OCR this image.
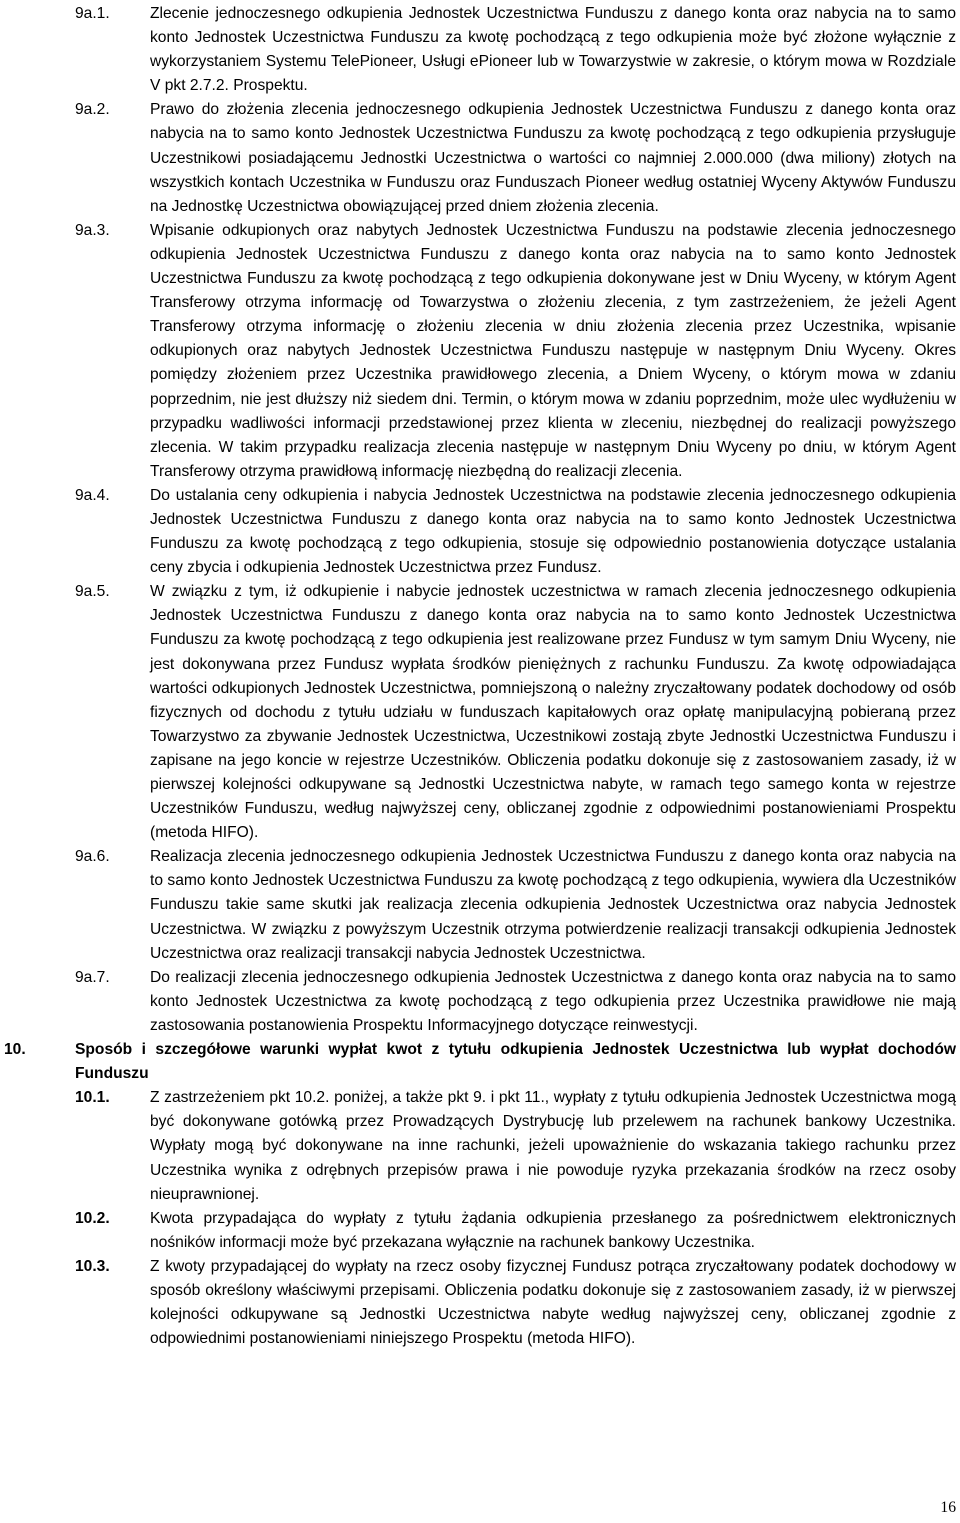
9a.1.	Zlecenie jednoczesnego odkupienia Jednostek Uczestnictwa Funduszu z danego konta oraz nabycia na to samo konto Jednostek Uczestnictwa Funduszu za kwotę pochodzącą z tego odkupienia może być złożone wyłącznie z wykorzystaniem Systemu TelePioneer, Usługi ePioneer lub w Towarzystwie w zakresie, o którym mowa w Rozdziale V pkt 2.7.2. Prospektu.
9a.2.	Prawo do złożenia zlecenia jednoczesnego odkupienia Jednostek Uczestnictwa Funduszu z danego konta oraz nabycia na to samo konto Jednostek Uczestnictwa Funduszu za kwotę pochodzącą z tego odkupienia przysługuje Uczestnikowi posiadającemu Jednostki Uczestnictwa o wartości co najmniej 2.000.000 (dwa miliony) złotych na wszystkich kontach Uczestnika w Funduszu oraz Funduszach Pioneer według ostatniej Wyceny Aktywów Funduszu na Jednostkę Uczestnictwa obowiązującej przed dniem złożenia zlecenia.
9a.3.	Wpisanie odkupionych oraz nabytych Jednostek Uczestnictwa Funduszu na podstawie zlecenia jednoczesnego odkupienia Jednostek Uczestnictwa Funduszu z danego konta oraz nabycia na to samo konto Jednostek Uczestnictwa Funduszu za kwotę pochodzącą z tego odkupienia dokonywane jest w Dniu Wyceny, w którym Agent Transferowy otrzyma informację od Towarzystwa o złożeniu zlecenia, z tym zastrzeżeniem, że jeżeli Agent Transferowy otrzyma informację o złożeniu zlecenia w dniu złożenia zlecenia przez Uczestnika, wpisanie odkupionych oraz nabytych Jednostek Uczestnictwa Funduszu następuje w następnym Dniu Wyceny. Okres pomiędzy złożeniem przez Uczestnika prawidłowego zlecenia, a Dniem Wyceny, o którym mowa w zdaniu poprzednim, nie jest dłuższy niż siedem dni. Termin, o którym mowa w zdaniu poprzednim, może ulec wydłużeniu w przypadku wadliwości informacji przedstawionej przez klienta w zleceniu, niezbędnej do realizacji powyższego zlecenia. W takim przypadku realizacja zlecenia następuje w następnym Dniu Wyceny po dniu, w którym Agent Transferowy otrzyma prawidłową informację niezbędną do realizacji zlecenia.
9a.4.	Do ustalania ceny odkupienia i nabycia Jednostek Uczestnictwa na podstawie zlecenia jednoczesnego odkupienia Jednostek Uczestnictwa Funduszu z danego konta oraz nabycia na to samo konto Jednostek Uczestnictwa Funduszu za kwotę pochodzącą z tego odkupienia, stosuje się odpowiednio postanowienia dotyczące ustalania ceny zbycia i odkupienia Jednostek Uczestnictwa przez Fundusz.
9a.5.	W związku z tym, iż odkupienie i nabycie jednostek uczestnictwa w ramach zlecenia jednoczesnego odkupienia Jednostek Uczestnictwa Funduszu z danego konta oraz nabycia na to samo konto Jednostek Uczestnictwa Funduszu za kwotę pochodzącą z tego odkupienia jest realizowane przez Fundusz w tym samym Dniu Wyceny, nie jest dokonywana przez Fundusz wypłata środków pieniężnych z rachunku Funduszu. Za kwotę odpowiadająca wartości odkupionych Jednostek Uczestnictwa, pomniejszoną o należny zryczałtowany podatek dochodowy od osób fizycznych od dochodu z tytułu udziału w funduszach kapitałowych oraz opłatę manipulacyjną pobieraną przez Towarzystwo za zbywanie Jednostek Uczestnictwa, Uczestnikowi zostają zbyte Jednostki Uczestnictwa Funduszu i zapisane na jego koncie w rejestrze Uczestników. Obliczenia podatku dokonuje się z zastosowaniem zasady, iż w pierwszej kolejności odkupywane są Jednostki Uczestnictwa nabyte, w ramach tego samego konta w rejestrze Uczestników Funduszu, według najwyższej ceny, obliczanej zgodnie z odpowiednimi postanowieniami Prospektu (metoda HIFO).
9a.6.	Realizacja zlecenia jednoczesnego odkupienia Jednostek Uczestnictwa Funduszu z danego konta oraz nabycia na to samo konto Jednostek Uczestnictwa Funduszu za kwotę pochodzącą z tego odkupienia, wywiera dla Uczestników Funduszu takie same skutki jak realizacja zlecenia odkupienia Jednostek Uczestnictwa oraz nabycia Jednostek Uczestnictwa. W związku z powyższym Uczestnik otrzyma potwierdzenie realizacji transakcji odkupienia Jednostek Uczestnictwa oraz realizacji transakcji nabycia Jednostek Uczestnictwa.
9a.7.	Do realizacji zlecenia jednoczesnego odkupienia Jednostek Uczestnictwa z danego konta oraz nabycia na to samo konto Jednostek Uczestnictwa za kwotę pochodzącą z tego odkupienia przez Uczestnika prawidłowe nie mają zastosowania postanowienia Prospektu Informacyjnego dotyczące reinwestycji.
10.	Sposób i szczegółowe warunki wypłat kwot z tytułu odkupienia Jednostek Uczestnictwa lub wypłat dochodów Funduszu
10.1.	Z zastrzeżeniem pkt 10.2. poniżej, a także pkt 9. i pkt 11., wypłaty z tytułu odkupienia Jednostek Uczestnictwa mogą być dokonywane gotówką przez Prowadzących Dystrybucję lub przelewem na rachunek bankowy Uczestnika. Wypłaty mogą być dokonywane na inne rachunki, jeżeli upoważnienie do wskazania takiego rachunku przez Uczestnika wynika z odrębnych przepisów prawa i nie powoduje ryzyka przekazania środków na rzecz osoby nieuprawnionej.
10.2.	Kwota przypadająca do wypłaty z tytułu żądania odkupienia przesłanego za pośrednictwem elektronicznych nośników informacji może być przekazana wyłącznie na rachunek bankowy Uczestnika.
10.3.	Z kwoty przypadającej do wypłaty na rzecz osoby fizycznej Fundusz potrąca zryczałtowany podatek dochodowy w sposób określony właściwymi przepisami. Obliczenia podatku dokonuje się z zastosowaniem zasady, iż w pierwszej kolejności odkupywane są Jednostki Uczestnictwa nabyte według najwyższej ceny, obliczanej zgodnie z odpowiednimi postanowieniami niniejszego Prospektu (metoda HIFO).
16
